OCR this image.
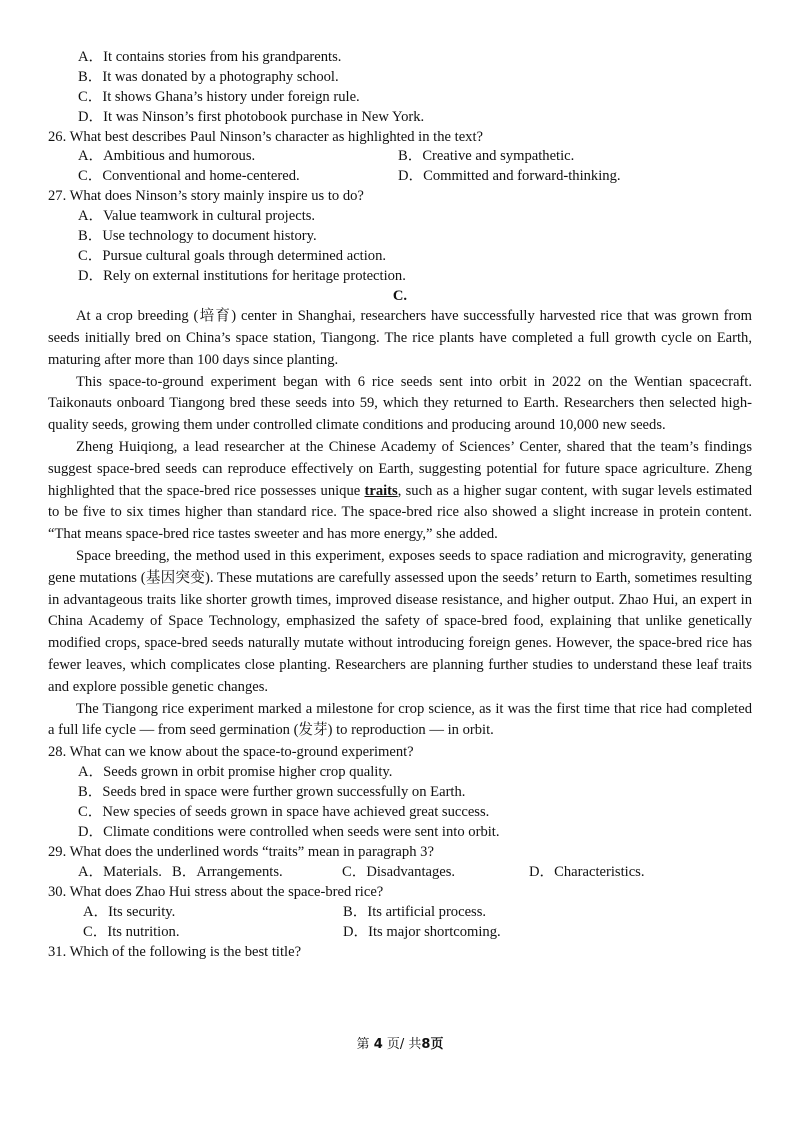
A．It contains stories from his grandparents.
B．It was donated by a photography school.
C．It shows Ghana’s history under foreign rule.
D．It was Ninson’s first photobook purchase in New York.
26. What best describes Paul Ninson’s character as highlighted in the text?
A．Ambitious and humorous.	B．Creative and sympathetic.
C．Conventional and home-centered.	D．Committed and forward-thinking.
27. What does Ninson’s story mainly inspire us to do?
A．Value teamwork in cultural projects.
B．Use technology to document history.
C．Pursue cultural goals through determined action.
D．Rely on external institutions for heritage protection.
C.

At a crop breeding (培育) center in Shanghai, researchers have successfully harvested rice that was grown from seeds initially bred on China’s space station, Tiangong. The rice plants have completed a full growth cycle on Earth, maturing after more than 100 days since planting.

This space-to-ground experiment began with 6 rice seeds sent into orbit in 2022 on the Wentian spacecraft. Taikonauts onboard Tiangong bred these seeds into 59, which they returned to Earth. Researchers then selected high-quality seeds, growing them under controlled climate conditions and producing around 10,000 new seeds.

Zheng Huiqiong, a lead researcher at the Chinese Academy of Sciences’ Center, shared that the team’s findings suggest space-bred seeds can reproduce effectively on Earth, suggesting potential for future space agriculture. Zheng highlighted that the space-bred rice possesses unique traits, such as a higher sugar content, with sugar levels estimated to be five to six times higher than standard rice. The space-bred rice also showed a slight increase in protein content. “That means space-bred rice tastes sweeter and has more energy,” she added.

Space breeding, the method used in this experiment, exposes seeds to space radiation and microgravity, generating gene mutations (基因突变). These mutations are carefully assessed upon the seeds’ return to Earth, sometimes resulting in advantageous traits like shorter growth times, improved disease resistance, and higher output. Zhao Hui, an expert in China Academy of Space Technology, emphasized the safety of space-bred food, explaining that unlike genetically modified crops, space-bred seeds naturally mutate without introducing foreign genes. However, the space-bred rice has fewer leaves, which complicates close planting. Researchers are planning further studies to understand these leaf traits and explore possible genetic changes.

The Tiangong rice experiment marked a milestone for crop science, as it was the first time that rice had completed a full life cycle — from seed germination (发芽) to reproduction — in orbit.

28. What can we know about the space-to-ground experiment?
A．Seeds grown in orbit promise higher crop quality.
B．Seeds bred in space were further grown successfully on Earth.
C．New species of seeds grown in space have achieved great success.
D．Climate conditions were controlled when seeds were sent into orbit.
29. What does the underlined words “traits” mean in paragraph 3?
A．Materials. B．Arrangements.	C．Disadvantages.	D．Characteristics.
30. What does Zhao Hui stress about the space-bred rice?
A．Its security.	B．Its artificial process.
C．Its nutrition.	D．Its major shortcoming.
31. Which of the following is the best title?
第 4 页/ 共8页
